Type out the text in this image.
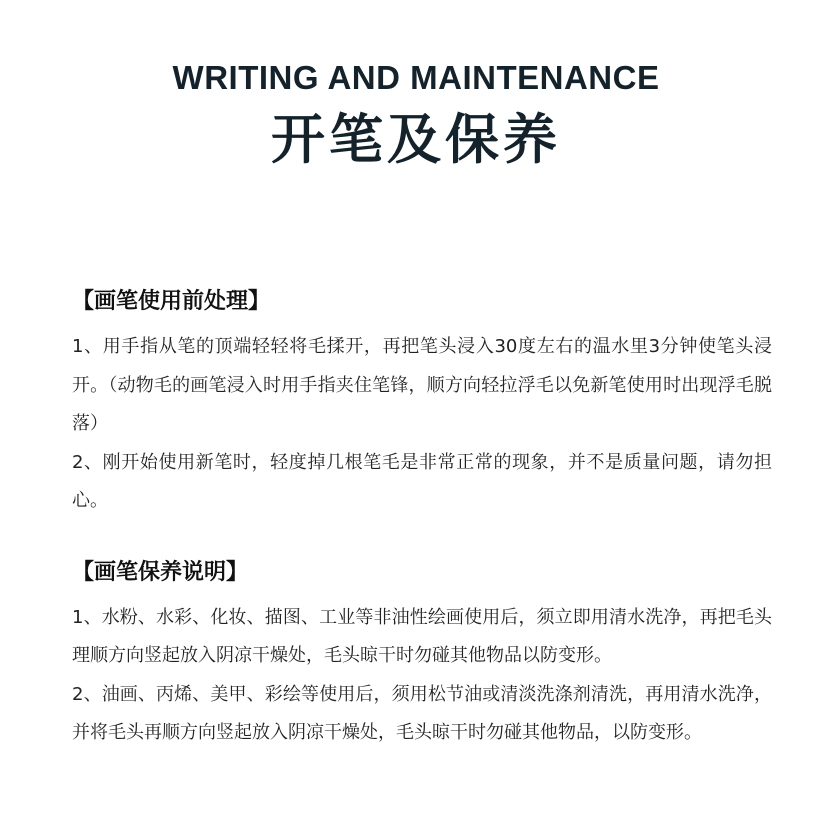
WRITING AND MAINTENANCE
开笔及保养
【画笔使用前处理】

1、用手指从笔的顶端轻轻将毛揉开，再把笔头浸入30度左右的温水里3分钟使笔头浸开。（动物毛的画笔浸入时用手指夹住笔锋，顺方向轻拉浮毛以免新笔使用时出现浮毛脱落）

2、刚开始使用新笔时，轻度掉几根笔毛是非常正常的现象，并不是质量问题，请勿担心。

【画笔保养说明】

1、水粉、水彩、化妆、描图、工业等非油性绘画使用后，须立即用清水洗净，再把毛头理顺方向竖起放入阴凉干燥处，毛头晾干时勿碰其他物品以防变形。

2、油画、丙烯、美甲、彩绘等使用后，须用松节油或清淡洗涤剂清洗，再用清水洗净，并将毛头再顺方向竖起放入阴凉干燥处，毛头晾干时勿碰其他物品，以防变形。
